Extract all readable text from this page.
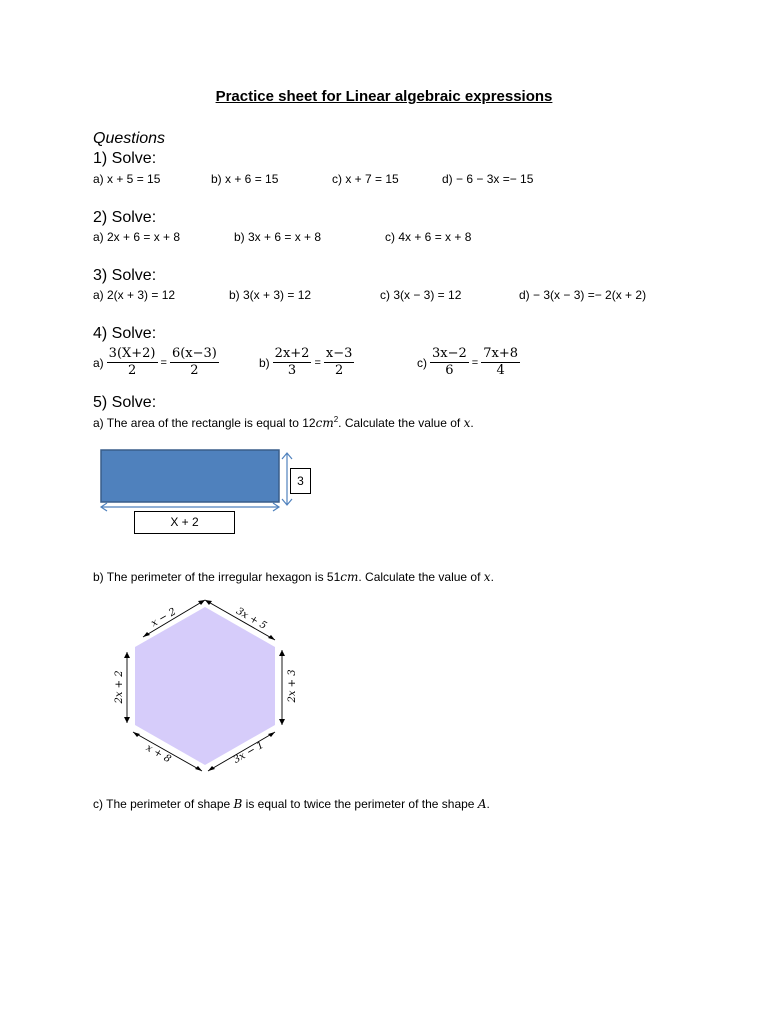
Practice sheet for Linear algebraic expressions
Questions
1) Solve:
a) x + 5 = 15	b) x + 6 = 15	c) x + 7 = 15	d) − 6 − 3x =− 15
2) Solve:
a) 2x + 6 = x + 8	b) 3x + 6 = x + 8	c) 4x + 6 = x + 8
3) Solve:
a) 2(x + 3) = 12	b) 3(x + 3) = 12	c) 3(x − 3) = 12	d) − 3(x − 3) =− 2(x + 2)
4) Solve:
$a) \frac{3(X+2)}{2} = \frac{6(x-3)}{2}$	$b) \frac{2x+2}{3} = \frac{x-3}{2}$	$c) \frac{3x-2}{6} = \frac{7x+8}{4}$
5) Solve:
a) The area of the rectangle is equal to $12cm^2$. Calculate the value of x.
3
X + 2
b) The perimeter of the irregular hexagon is 51cm. Calculate the value of x.
x − 2	3x + 5
2x + 3
3x − 1
x + 8
2x + 2
c) The perimeter of shape B is equal to twice the perimeter of the shape A.
